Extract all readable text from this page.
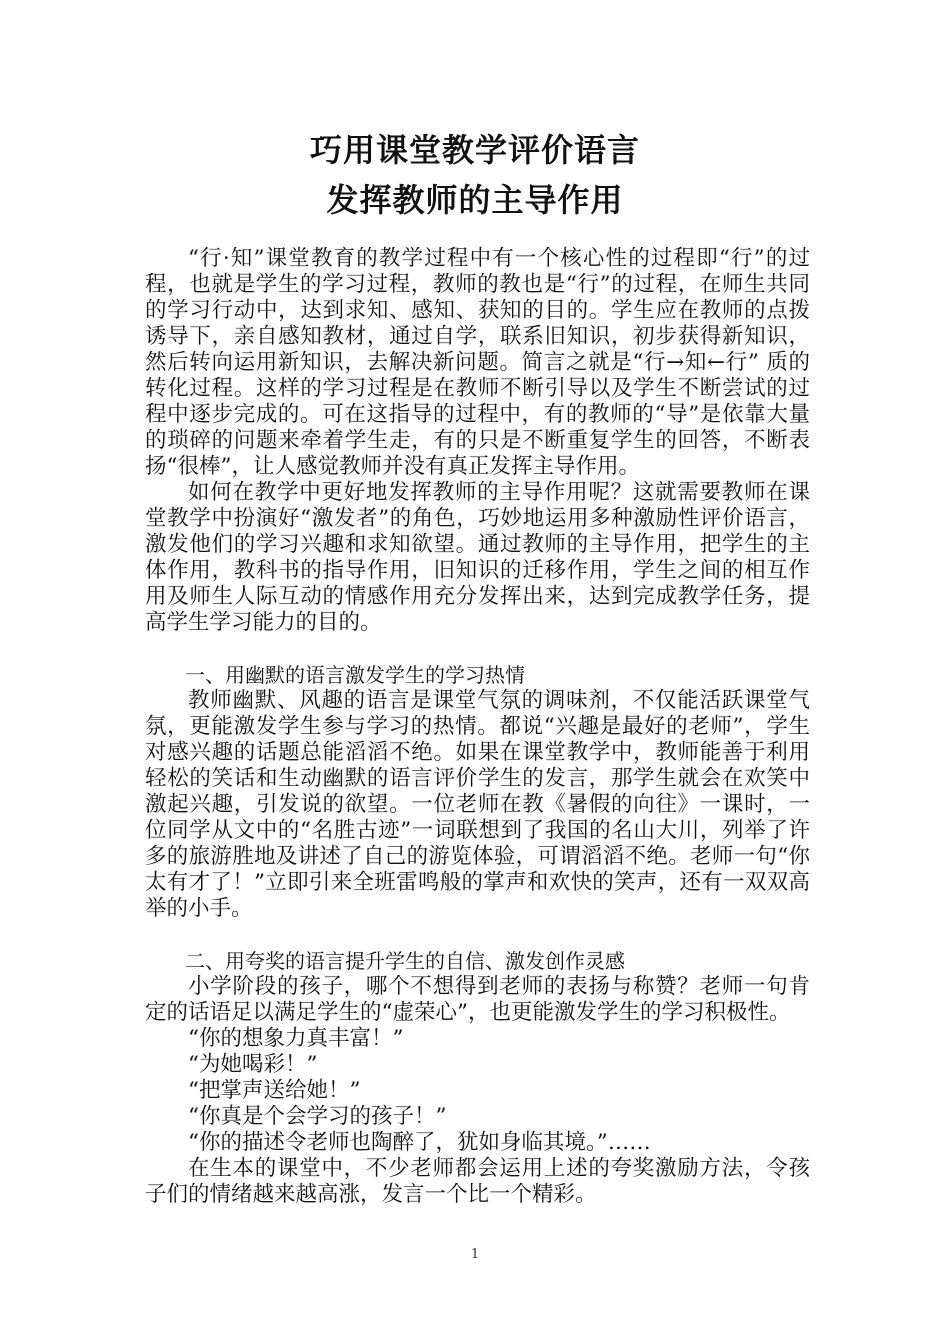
巧用课堂教学评价语言
发挥教师的主导作用

“行·知”课堂教育的教学过程中有一个核心性的过程即“行”的过程，也就是学生的学习过程，教师的教也是“行”的过程，在师生共同的学习行动中，达到求知、感知、获知的目的。学生应在教师的点拨诱导下，亲自感知教材，通过自学，联系旧知识，初步获得新知识，然后转向运用新知识，去解决新问题。简言之就是“行→知←行” 质的转化过程。这样的学习过程是在教师不断引导以及学生不断尝试的过程中逐步完成的。可在这指导的过程中，有的教师的“导”是依靠大量的琐碎的问题来牵着学生走，有的只是不断重复学生的回答，不断表扬“很棒”，让人感觉教师并没有真正发挥主导作用。

如何在教学中更好地发挥教师的主导作用呢？这就需要教师在课堂教学中扮演好“激发者”的角色，巧妙地运用多种激励性评价语言，激发他们的学习兴趣和求知欲望。通过教师的主导作用，把学生的主体作用，教科书的指导作用，旧知识的迁移作用，学生之间的相互作用及师生人际互动的情感作用充分发挥出来，达到完成教学任务，提高学生学习能力的目的。

一、用幽默的语言激发学生的学习热情

教师幽默、风趣的语言是课堂气氛的调味剂，不仅能活跃课堂气氛，更能激发学生参与学习的热情。都说“兴趣是最好的老师”，学生对感兴趣的话题总能滔滔不绝。如果在课堂教学中，教师能善于利用轻松的笑话和生动幽默的语言评价学生的发言，那学生就会在欢笑中激起兴趣，引发说的欲望。一位老师在教《暑假的向往》一课时，一位同学从文中的“名胜古迹”一词联想到了我国的名山大川，列举了许多的旅游胜地及讲述了自己的游览体验，可谓滔滔不绝。老师一句“你太有才了！”立即引来全班雷鸣般的掌声和欢快的笑声，还有一双双高举的小手。

二、用夸奖的语言提升学生的自信、激发创作灵感

小学阶段的孩子，哪个不想得到老师的表扬与称赞？老师一句肯定的话语足以满足学生的“虚荣心”，也更能激发学生的学习积极性。

“你的想象力真丰富！”

“为她喝彩！”

“把掌声送给她！”

“你真是个会学习的孩子！”

“你的描述令老师也陶醉了，犹如身临其境。”……

在生本的课堂中，不少老师都会运用上述的夸奖激励方法，令孩子们的情绪越来越高涨，发言一个比一个精彩。

1
